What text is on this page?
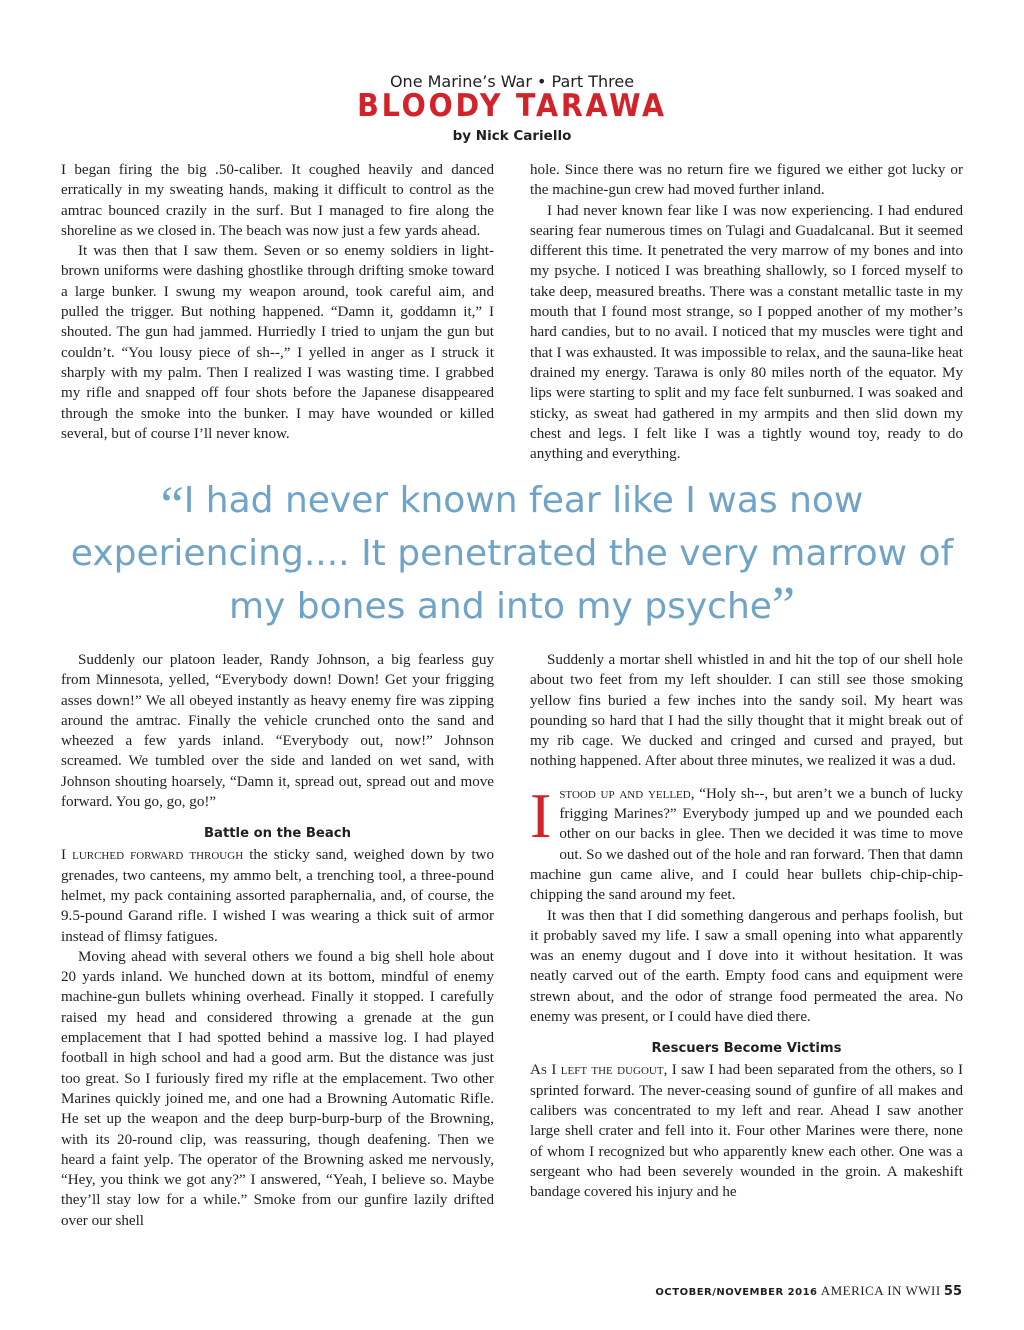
One Marine’s War • Part Three
BLOODY TARAWA
by Nick Cariello

I began firing the big .50-caliber. It coughed heavily and danced erratically in my sweating hands, making it difficult to control as the amtrac bounced crazily in the surf. But I managed to fire along the shoreline as we closed in. The beach was now just a few yards ahead.

It was then that I saw them. Seven or so enemy soldiers in light-brown uniforms were dashing ghostlike through drifting smoke toward a large bunker. I swung my weapon around, took careful aim, and pulled the trigger. But nothing happened. “Damn it, goddamn it,” I shouted. The gun had jammed. Hurriedly I tried to unjam the gun but couldn’t. “You lousy piece of sh--,” I yelled in anger as I struck it sharply with my palm. Then I realized I was wasting time. I grabbed my rifle and snapped off four shots before the Japanese disappeared through the smoke into the bunker. I may have wounded or killed several, but of course I’ll never know.

hole. Since there was no return fire we figured we either got lucky or the machine-gun crew had moved further inland.

I had never known fear like I was now experiencing. I had endured searing fear numerous times on Tulagi and Guadalcanal. But it seemed different this time. It penetrated the very marrow of my bones and into my psyche. I noticed I was breathing shallowly, so I forced myself to take deep, measured breaths. There was a constant metallic taste in my mouth that I found most strange, so I popped another of my mother’s hard candies, but to no avail. I noticed that my muscles were tight and that I was exhausted. It was impossible to relax, and the sauna-like heat drained my energy. Tarawa is only 80 miles north of the equator. My lips were starting to split and my face felt sunburned. I was soaked and sticky, as sweat had gathered in my armpits and then slid down my chest and legs. I felt like I was a tightly wound toy, ready to do anything and everything.

“I had never known fear like I was now experiencing.... It penetrated the very marrow of my bones and into my psyche”

Suddenly our platoon leader, Randy Johnson, a big fearless guy from Minnesota, yelled, “Everybody down! Down! Get your frigging asses down!” We all obeyed instantly as heavy enemy fire was zipping around the amtrac. Finally the vehicle crunched onto the sand and wheezed a few yards inland. “Everybody out, now!” Johnson screamed. We tumbled over the side and landed on wet sand, with Johnson shouting hoarsely, “Damn it, spread out, spread out and move forward. You go, go, go!”

Battle on the Beach

I lurched forward through the sticky sand, weighed down by two grenades, two canteens, my ammo belt, a trenching tool, a three-pound helmet, my pack containing assorted paraphernalia, and, of course, the 9.5-pound Garand rifle. I wished I was wearing a thick suit of armor instead of flimsy fatigues.

Moving ahead with several others we found a big shell hole about 20 yards inland. We hunched down at its bottom, mindful of enemy machine-gun bullets whining overhead. Finally it stopped. I carefully raised my head and considered throwing a grenade at the gun emplacement that I had spotted behind a massive log. I had played football in high school and had a good arm. But the distance was just too great. So I furiously fired my rifle at the emplacement. Two other Marines quickly joined me, and one had a Browning Automatic Rifle. He set up the weapon and the deep burp-burp-burp of the Browning, with its 20-round clip, was reassuring, though deafening. Then we heard a faint yelp. The operator of the Browning asked me nervously, “Hey, you think we got any?” I answered, “Yeah, I believe so. Maybe they’ll stay low for a while.” Smoke from our gunfire lazily drifted over our shell

Suddenly a mortar shell whistled in and hit the top of our shell hole about two feet from my left shoulder. I can still see those smoking yellow fins buried a few inches into the sandy soil. My heart was pounding so hard that I had the silly thought that it might break out of my rib cage. We ducked and cringed and cursed and prayed, but nothing happened. After about three minutes, we realized it was a dud.

Istood up and yelled, “Holy sh--, but aren’t we a bunch of lucky frigging Marines?” Everybody jumped up and we pounded each other on our backs in glee. Then we decided it was time to move out. So we dashed out of the hole and ran forward. Then that damn machine gun came alive, and I could hear bullets chip-chip-chip-chipping the sand around my feet.

It was then that I did something dangerous and perhaps foolish, but it probably saved my life. I saw a small opening into what apparently was an enemy dugout and I dove into it without hesitation. It was neatly carved out of the earth. Empty food cans and equipment were strewn about, and the odor of strange food permeated the area. No enemy was present, or I could have died there.

Rescuers Become Victims

As I left the dugout, I saw I had been separated from the others, so I sprinted forward. The never-ceasing sound of gunfire of all makes and calibers was concentrated to my left and rear. Ahead I saw another large shell crater and fell into it. Four other Marines were there, none of whom I recognized but who apparently knew each other. One was a sergeant who had been severely wounded in the groin. A makeshift bandage covered his injury and he

OCTOBER/NOVEMBER 2016 AMERICA IN WWII 55
